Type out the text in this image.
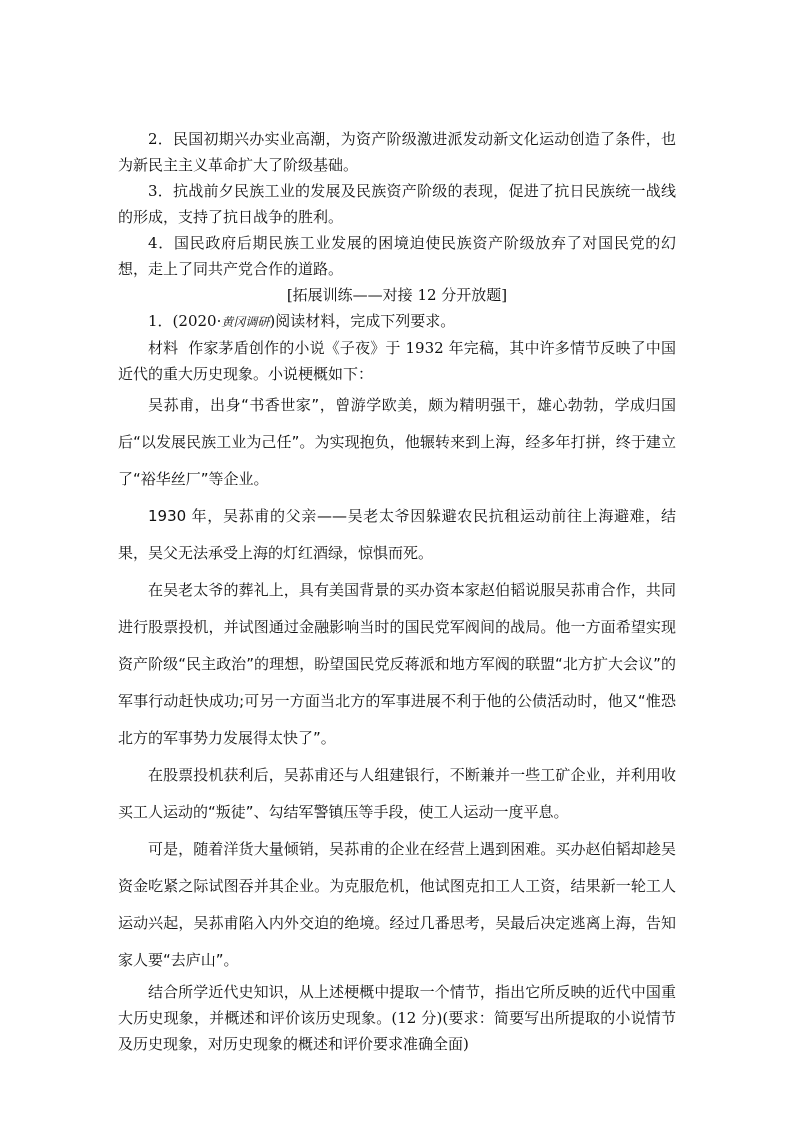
2．民国初期兴办实业高潮，为资产阶级激进派发动新文化运动创造了条件，也为新民主主义革命扩大了阶级基础。

3．抗战前夕民族工业的发展及民族资产阶级的表现，促进了抗日民族统一战线的形成，支持了抗日战争的胜利。

4．国民政府后期民族工业发展的困境迫使民族资产阶级放弃了对国民党的幻想，走上了同共产党合作的道路。

[拓展训练——对接 12 分开放题]

1．(2020·黄冈调研)阅读材料，完成下列要求。

材料 作家茅盾创作的小说《子夜》于 1932 年完稿，其中许多情节反映了中国近代的重大历史现象。小说梗概如下：

吴荪甫，出身“书香世家”，曾游学欧美，颇为精明强干，雄心勃勃，学成归国后“以发展民族工业为己任”。为实现抱负，他辗转来到上海，经多年打拼，终于建立了“裕华丝厂”等企业。

1930 年，吴荪甫的父亲——吴老太爷因躲避农民抗租运动前往上海避难，结果，吴父无法承受上海的灯红酒绿，惊惧而死。

在吴老太爷的葬礼上，具有美国背景的买办资本家赵伯韬说服吴荪甫合作，共同进行股票投机，并试图通过金融影响当时的国民党军阀间的战局。他一方面希望实现资产阶级“民主政治”的理想，盼望国民党反蒋派和地方军阀的联盟“北方扩大会议”的军事行动赶快成功;可另一方面当北方的军事进展不利于他的公债活动时，他又“惟恐北方的军事势力发展得太快了”。

在股票投机获利后，吴荪甫还与人组建银行，不断兼并一些工矿企业，并利用收买工人运动的“叛徒”、勾结军警镇压等手段，使工人运动一度平息。

可是，随着洋货大量倾销，吴荪甫的企业在经营上遇到困难。买办赵伯韬却趁吴资金吃紧之际试图吞并其企业。为克服危机，他试图克扣工人工资，结果新一轮工人运动兴起，吴荪甫陷入内外交迫的绝境。经过几番思考，吴最后决定逃离上海，告知家人要“去庐山”。

结合所学近代史知识，从上述梗概中提取一个情节，指出它所反映的近代中国重大历史现象，并概述和评价该历史现象。(12 分)(要求：简要写出所提取的小说情节及历史现象，对历史现象的概述和评价要求准确全面)
